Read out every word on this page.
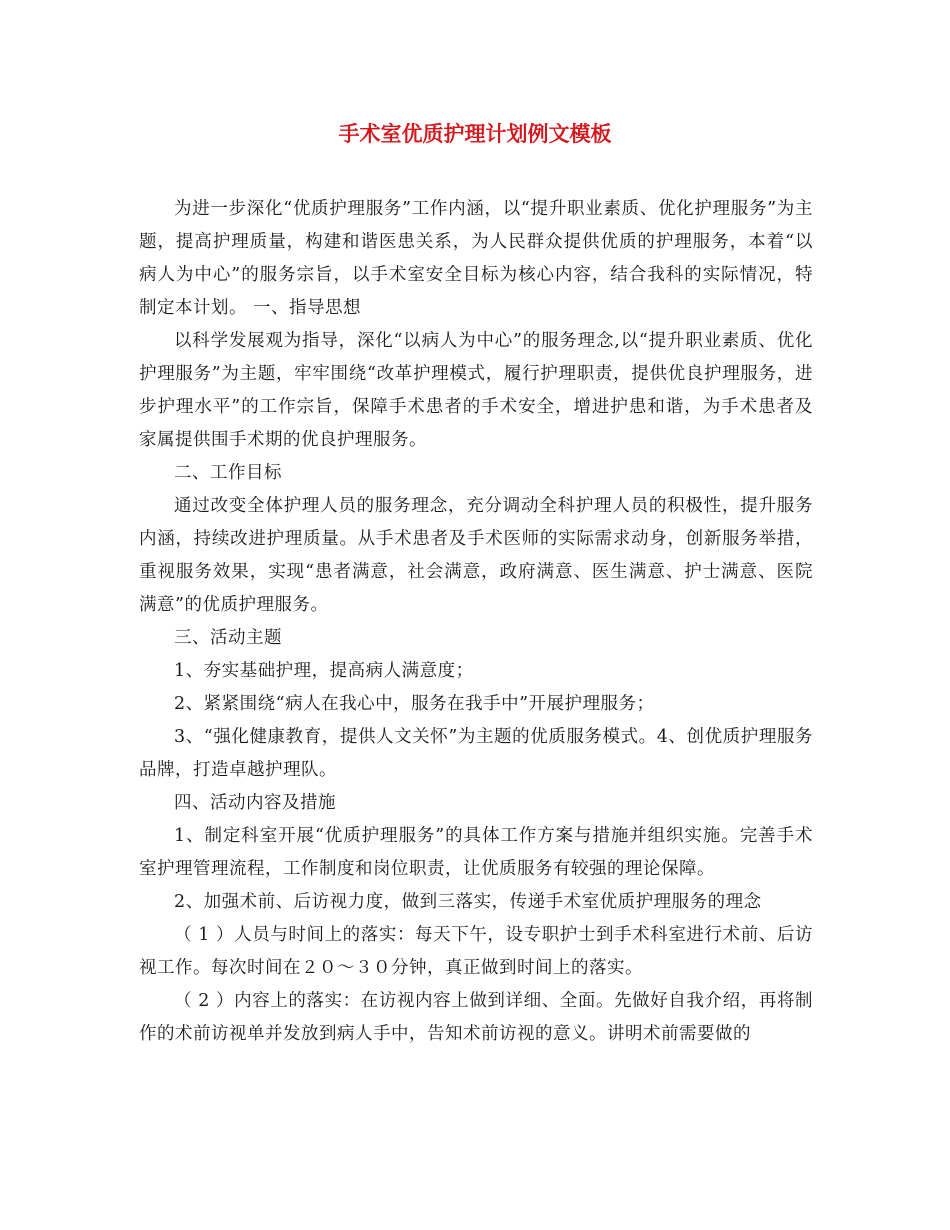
手术室优质护理计划例文模板

为进一步深化“优质护理服务”工作内涵，以“提升职业素质、优化护理服务”为主题，提高护理质量，构建和谐医患关系，为人民群众提供优质的护理服务，本着“以病人为中心”的服务宗旨，以手术室安全目标为核心内容，结合我科的实际情况，特制定本计划。 一、指导思想

以科学发展观为指导，深化“以病人为中心”的服务理念,以“提升职业素质、优化护理服务”为主题，牢牢围绕“改革护理模式，履行护理职责，提供优良护理服务，进步护理水平”的工作宗旨，保障手术患者的手术安全，增进护患和谐，为手术患者及家属提供围手术期的优良护理服务。

二、工作目标

通过改变全体护理人员的服务理念，充分调动全科护理人员的积极性，提升服务内涵，持续改进护理质量。从手术患者及手术医师的实际需求动身，创新服务举措，重视服务效果，实现“患者满意，社会满意，政府满意、医生满意、护士满意、医院满意”的优质护理服务。

三、活动主题

1、夯实基础护理，提高病人满意度；

2、紧紧围绕“病人在我心中，服务在我手中”开展护理服务；

3、“强化健康教育，提供人文关怀”为主题的优质服务模式。4、创优质护理服务品牌，打造卓越护理队。

四、活动内容及措施

1、制定科室开展“优质护理服务”的具体工作方案与措施并组织实施。完善手术室护理管理流程，工作制度和岗位职责，让优质服务有较强的理论保障。

2、加强术前、后访视力度，做到三落实，传递手术室优质护理服务的理念

（ 1 ）人员与时间上的落实：每天下午，设专职护士到手术科室进行术前、后访视工作。每次时间在２０～３０分钟，真正做到时间上的落实。

（ 2 ）内容上的落实：在访视内容上做到详细、全面。先做好自我介绍，再将制作的术前访视单并发放到病人手中，告知术前访视的意义。讲明术前需要做的
